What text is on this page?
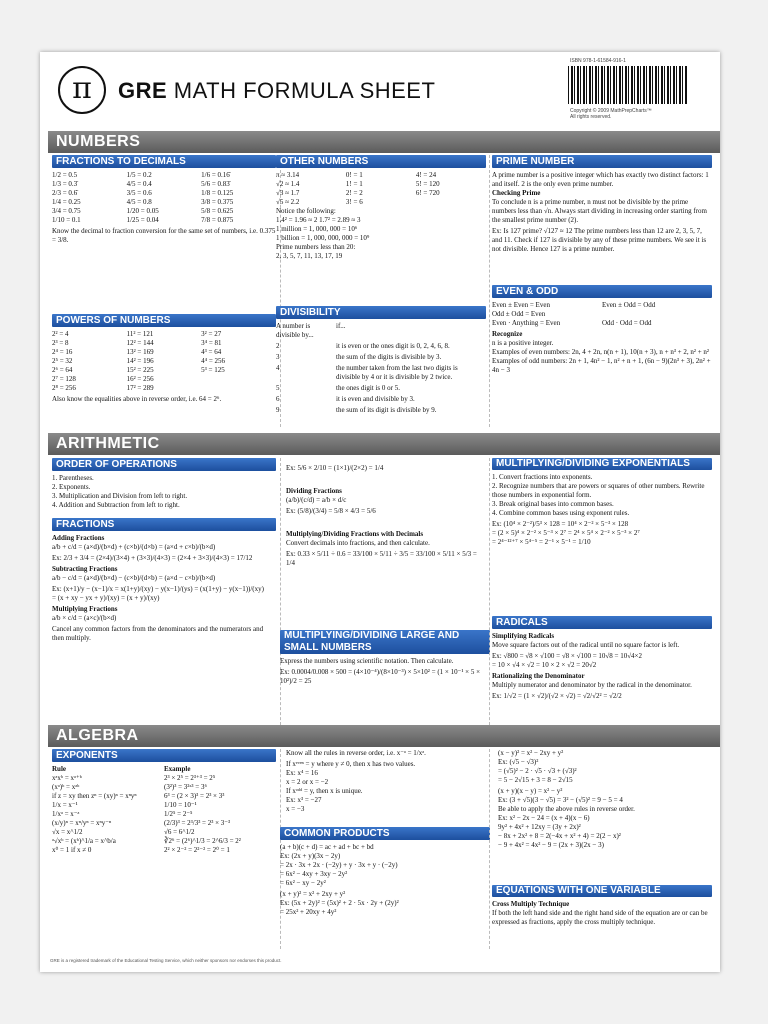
π	GRE MATH FORMULA SHEET
ISBN 978-1-61584-916-1
Copyright © 2009 MathPrepCharts™
All rights reserved.
NUMBERS
FRACTIONS TO DECIMALS
1/2 = 0.5	1/5 = 0.2	1/6 = 0.16̄
1/3 = 0.3̄	4/5 = 0.4	5/6 = 0.83̄
2/3 = 0.6̄	3/5 = 0.6	1/8 = 0.125
1/4 = 0.25	4/5 = 0.8	3/8 = 0.375
3/4 = 0.75	1/20 = 0.05	5/8 = 0.625
1/10 = 0.1	1/25 = 0.04	7/8 = 0.875
Know the decimal to fraction conversion for the same set of numbers, i.e. 0.375 = 3/8.
POWERS OF NUMBERS
2² = 4	11² = 121	3² = 27
2³ = 8	12² = 144	3⁴ = 81
2⁴ = 16	13² = 169	4³ = 64
2⁵ = 32	14² = 196	4⁴ = 256
2⁶ = 64	15² = 225	5³ = 125
2⁷ = 128	16² = 256
2⁸ = 256	17² = 289
Also know the equalities above in reverse order, i.e. 64 = 2⁶.
OTHER NUMBERS
π ≈ 3.14	0! = 1	4! = 24
√2 ≈ 1.4	1! = 1	5! = 120
√3 ≈ 1.7	2! = 2	6! = 720
√5 ≈ 2.2	3! = 6
Notice the following:
1.4² = 1.96 ≈ 2 1.7² = 2.89 ≈ 3
1 million = 1, 000, 000 = 10⁶
1 billion = 1, 000, 000, 000 = 10⁹
Prime numbers less than 20:
2, 3, 5, 7, 11, 13, 17, 19
DIVISIBILITY
A number is divisible by...
if...
2	it is even or the ones digit is 0, 2, 4, 6, 8.
3	the sum of the digits is divisible by 3.
4	the number taken from the last two digits is divisible by 4 or it is divisible by 2 twice.
5	the ones digit is 0 or 5.
6	it is even and divisible by 3.
9	the sum of its digit is divisible by 9.
PRIME NUMBER
A prime number is a positive integer which has exactly two distinct factors: 1 and itself. 2 is the only even prime number.
Checking Prime
To conclude n is a prime number, n must not be divisible by the prime numbers less than √n. Always start dividing in increasing order starting from the smallest prime number (2).
Ex: Is 127 prime? √127 ≈ 12 The prime numbers less than 12 are 2, 3, 5, 7, and 11. Check if 127 is divisible by any of these prime numbers. We see it is not divisible. Hence 127 is a prime number.
EVEN & ODD
Even ± Even = Even	Even ± Odd = Odd
Odd ± Odd = Even
Even · Anything = Even	Odd · Odd = Odd
Recognize
n is a positive integer.
Examples of even numbers: 2n, 4 + 2n, n(n + 1), 10(n + 3), n + n³ + 2, n² + n²
Examples of odd numbers: 2n + 1, 4n² − 1, n² + n + 1, (6n − 9)(2n³ + 3), 2n² + 4n − 3
ARITHMETIC
ORDER OF OPERATIONS
1. Parentheses.
2. Exponents.
3. Multiplication and Division from left to right.
4. Addition and Subtraction from left to right.
FRACTIONS
Adding Fractions
a/b + c/d = (a×d)/(b×d) + (c×b)/(d×b) = (a×d + c×b)/(b×d)
Ex: 2/3 + 3/4 = (2×4)/(3×4) + (3×3)/(4×3) = (2×4 + 3×3)/(4×3) = 17/12
Subtracting Fractions
a/b − c/d = (a×d)/(b×d) − (c×b)/(d×b) = (a×d − c×b)/(b×d)
Ex: (x+1)/y − (x−1)/x = x(1+y)/(xy) − y(x−1)/(ys) = (x(1+y) − y(x−1))/(xy)
= (x + xy − yx + y)/(xy) = (x + y)/(xy)
Multiplying Fractions
a/b × c/d = (a×c)/(b×d)
Cancel any common factors from the denominators and the numerators and then multiply.
Ex: 5/6 × 2/10 = (1×1)/(2×2) = 1/4
Dividing Fractions
(a/b)/(c/d) = a/b × d/c
Ex: (5/8)/(3/4) = 5/8 × 4/3 = 5/6
Multiplying/Dividing Fractions with Decimals
Convert decimals into fractions, and then calculate.
Ex: 0.33 × 5/11 ÷ 0.6 = 33/100 × 5/11 ÷ 3/5 = 33/100 × 5/11 × 5/3 = 1/4
MULTIPLYING/DIVIDING LARGE AND SMALL NUMBERS
Express the numbers using scientific notation. Then calculate.
Ex: 0.0004/0.008 × 500 = (4×10⁻⁴)/(8×10⁻³) × 5×10² = (1 × 10⁻¹ × 5 × 10²)/2 = 25
MULTIPLYING/DIVIDING EXPONENTIALS
1. Convert fractions into exponents.
2. Recognize numbers that are powers or squares of other numbers. Rewrite those numbers in exponential form.
3. Break original bases into common bases.
4. Combine common bases using exponent rules.
Ex: (10⁴ × 2⁻²)/5³ × 128 = 10⁴ × 2⁻² × 5⁻³ × 128
= (2 × 5)⁴ × 2⁻² × 5⁻³ × 2⁷ = 2⁴ × 5⁴ × 2⁻² × 5⁻³ × 2⁷
= 2⁴⁻¹²⁺⁷ × 5⁴⁻⁵ = 2⁻¹ × 5⁻¹ = 1/10
RADICALS
Simplifying Radicals
Move square factors out of the radical until no square factor is left.
Ex: √800 = √8 × √100 = √8 × √100 = 10√8 = 10√4×2
= 10 × √4 × √2 = 10 × 2 × √2 = 20√2
Rationalizing the Denominator
Multiply numerator and denominator by the radical in the denominator.
Ex: 1/√2 = (1 × √2)/(√2 × √2) = √2/√2² = √2/2
ALGEBRA
EXPONENTS
Rule	Example
xᵃxᵇ = xᵃ⁺ᵇ	2³ × 2⁵ = 2³⁺³ = 2⁵
(xᵃ)ᵇ = xᵃᵇ	(3²)³ = 3²ˣ³ = 3⁶
if z = xy then zⁿ = (xy)ⁿ = xⁿyⁿ	6³ = (2 × 3)³ = 2³ × 3³
1/x = x⁻¹	1/10 = 10⁻¹
1/xᵃ = x⁻ᵃ	1/2⁵ = 2⁻⁵
(x/y)ⁿ = xⁿ/yⁿ = xⁿy⁻ⁿ	(2/3)³ = 2³/3³ = 2³ × 3⁻³
√x = x^1/2	√6 = 6^1/2
ᵃ√xᵇ = (xᵇ)^1/a = x^b/a	∛2⁶ = (2⁶)^1/3 = 2^6/3 = 2²
x⁰ = 1 if x ≠ 0	2² × 2⁻² = 2²⁻² = 2⁰ = 1
Know all the rules in reverse order, i.e. x⁻ᵃ = 1/xᵃ.
If xᵉᵛᵉⁿ = y where y ≠ 0, then x has two values.
Ex: x⁴ = 16
x = 2 or x = −2
If xᵒᵈᵈ = y, then x is unique.
Ex: x³ = −27
x = −3
COMMON PRODUCTS
(a + b)(c + d) = ac + ad + bc + bd
Ex: (2x + y)(3x − 2y)
= 2x · 3x + 2x · (−2y) + y · 3x + y · (−2y)
= 6x² − 4xy + 3xy − 2y²
= 6x² − xy − 2y²
(x + y)² = x² + 2xy + y²
Ex: (5x + 2y)² = (5x)² + 2 · 5x · 2y + (2y)²
= 25x² + 20xy + 4y²
(x − y)² = x² − 2xy + y²
Ex: (√5 − √3)²
= (√5)² − 2 · √5 · √3 + (√3)²
= 5 − 2√15 + 3 = 8 − 2√15
(x + y)(x − y) = x² − y²
Ex: (3 + √5)(3 − √5) = 3² − (√5)² = 9 − 5 = 4
Be able to apply the above rules in reverse order.
Ex: x² − 2x − 24 = (x + 4)(x − 6)
9y² + 4x² + 12xy = (3y + 2x)²
− 8x + 2x² + 8 = 2(−4x + x² + 4) = 2(2 − x)²
− 9 + 4x² = 4x² − 9 = (2x + 3)(2x − 3)
EQUATIONS WITH ONE VARIABLE
Cross Multiply Technique
If both the left hand side and the right hand side of the equation are or can be expressed as fractions, apply the cross multiply technique.
GRE is a registered trademark of the Educational Testing Service, which neither sponsors nor endorses this product.
